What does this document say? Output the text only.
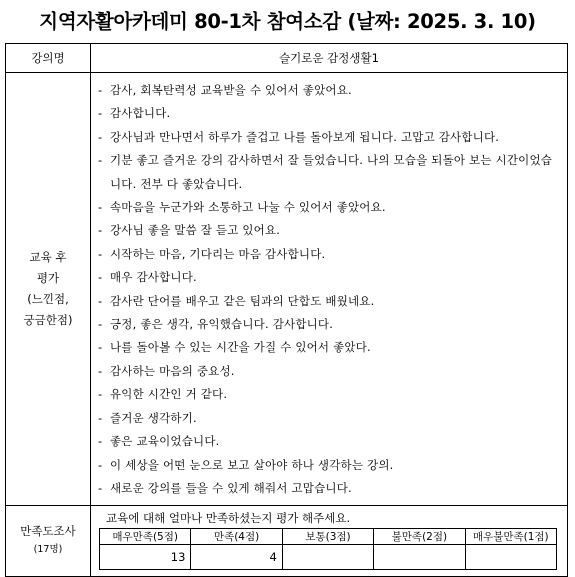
지역자활아카데미 80-1차 참여소감 (날짜: 2025. 3. 10)
강의명	슬기로운 감정생활1

교육 후
평가
(느낀점,
궁금한점)

- 감사, 회복탄력성 교육받을 수 있어서 좋았어요.
- 감사합니다.
- 강사님과 만나면서 하루가 즐겁고 나를 돌아보게 됩니다. 고맙고 감사합니다.
- 기분 좋고 즐거운 강의 감사하면서 잘 들었습니다. 나의 모습을 되돌아 보는 시간이었습니다. 전부 다 좋았습니다.
- 속마음을 누군가와 소통하고 나눌 수 있어서 좋았어요.
- 강사님 좋을 말씀 잘 듣고 있어요.
- 시작하는 마음, 기다리는 마음 감사합니다.
- 매우 감사합니다.
- 감사란 단어를 배우고 같은 팀과의 단합도 배웠네요.
- 긍정, 좋은 생각, 유익했습니다. 감사합니다.
- 나를 돌아볼 수 있는 시간을 가질 수 있어서 좋았다.
- 감사하는 마음의 중요성.
- 유익한 시간인 거 같다.
- 즐거운 생각하기.
- 좋은 교육이었습니다.
- 이 세상을 어떤 눈으로 보고 살아야 하나 생각하는 강의.
- 새로운 강의를 들을 수 있게 해줘서 고맙습니다.

만족도조사
(17명)

교육에 대해 얼마나 만족하셨는지 평가 해주세요.
매우만족(5점)	만족(4점)	보통(3점)	불만족(2점)	매우불만족(1점)
13	4			
